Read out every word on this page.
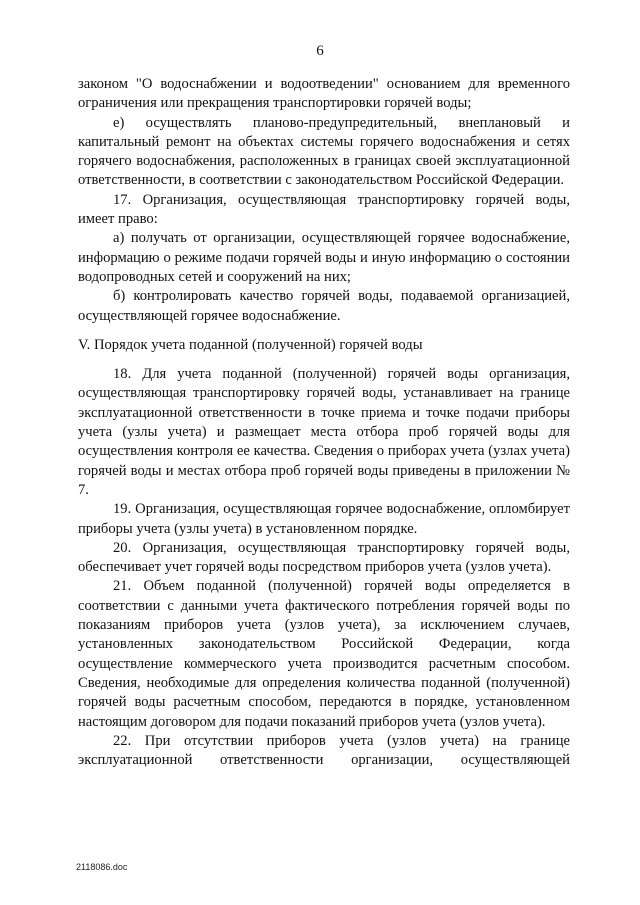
6

законом "О водоснабжении и водоотведении" основанием для временного ограничения или прекращения транспортировки горячей воды;

е) осуществлять планово-предупредительный, внеплановый и капитальный ремонт на объектах системы горячего водоснабжения и сетях горячего водоснабжения, расположенных в границах своей эксплуатационной ответственности, в соответствии с законодательством Российской Федерации.

17. Организация, осуществляющая транспортировку горячей воды, имеет право:

а) получать от организации, осуществляющей горячее водоснабжение, информацию о режиме подачи горячей воды и иную информацию о состоянии водопроводных сетей и сооружений на них;

б) контролировать качество горячей воды, подаваемой организацией, осуществляющей горячее водоснабжение.

V. Порядок учета поданной (полученной) горячей воды

18. Для учета поданной (полученной) горячей воды организация, осуществляющая транспортировку горячей воды, устанавливает на границе эксплуатационной ответственности в точке приема и точке подачи приборы учета (узлы учета) и размещает места отбора проб горячей воды для осуществления контроля ее качества. Сведения о приборах учета (узлах учета) горячей воды и местах отбора проб горячей воды приведены в приложении № 7.

19. Организация, осуществляющая горячее водоснабжение, опломбирует приборы учета (узлы учета) в установленном порядке.

20. Организация, осуществляющая транспортировку горячей воды, обеспечивает учет горячей воды посредством приборов учета (узлов учета).

21. Объем поданной (полученной) горячей воды определяется в соответствии с данными учета фактического потребления горячей воды по показаниям приборов учета (узлов учета), за исключением случаев, установленных законодательством Российской Федерации, когда осуществление коммерческого учета производится расчетным способом. Сведения, необходимые для определения количества поданной (полученной) горячей воды расчетным способом, передаются в порядке, установленном настоящим договором для подачи показаний приборов учета (узлов учета).

22. При отсутствии приборов учета (узлов учета) на границе эксплуатационной ответственности организации, осуществляющей

2118086.doc
